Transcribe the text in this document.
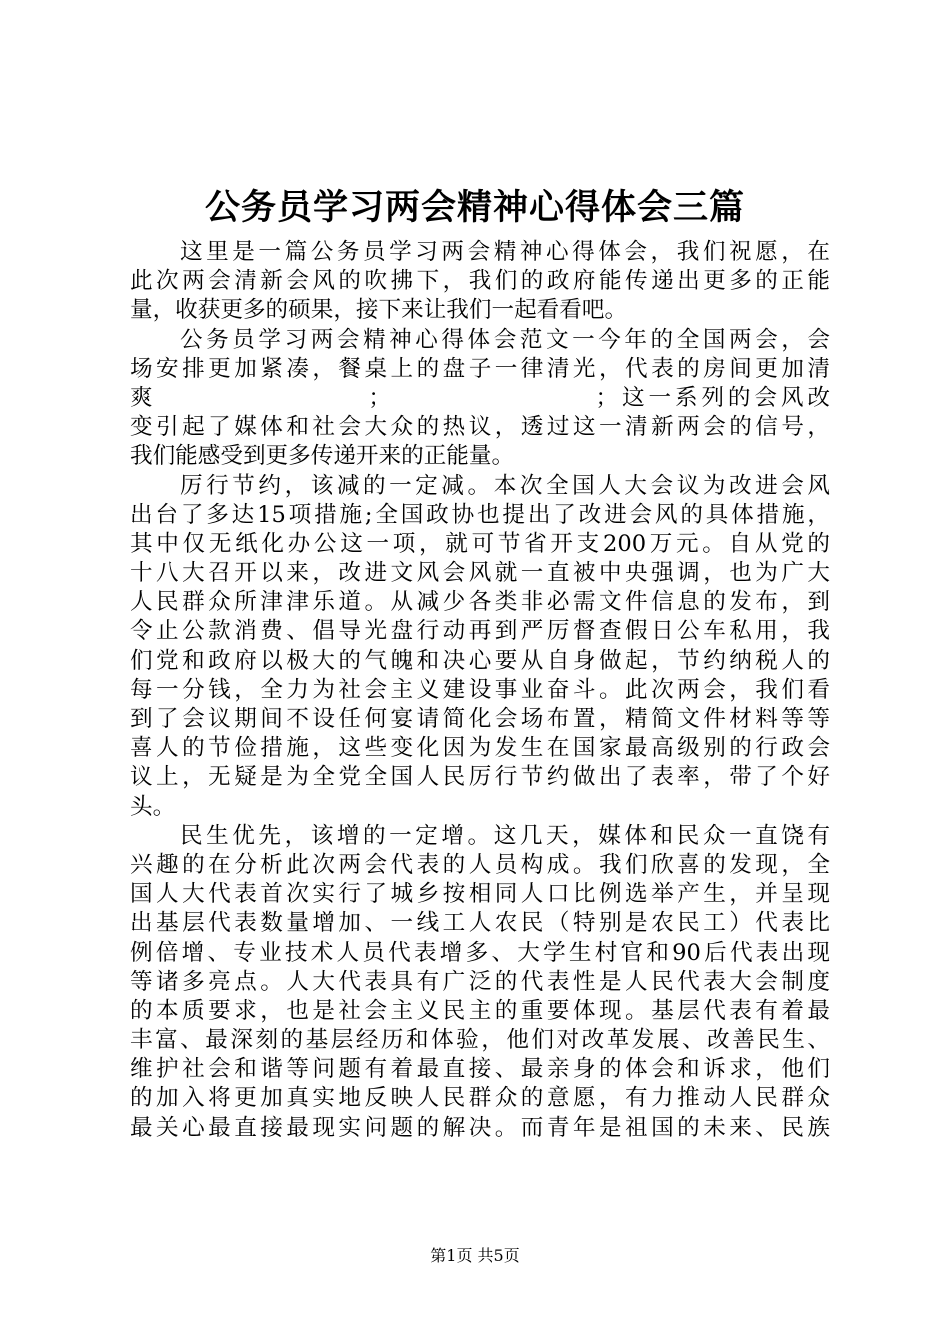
公务员学习两会精神心得体会三篇
这里是一篇公务员学习两会精神心得体会，我们祝愿，在
此次两会清新会风的吹拂下，我们的政府能传递出更多的正能
量，收获更多的硕果，接下来让我们一起看看吧。
公务员学习两会精神心得体会范文一今年的全国两会，会
场安排更加紧凑，餐桌上的盘子一律清光，代表的房间更加清
爽　　　　　　　　；　　　　　　　　；这一系列的会风改
变引起了媒体和社会大众的热议，透过这一清新两会的信号，
我们能感受到更多传递开来的正能量。
厉行节约，该减的一定减。本次全国人大会议为改进会风
出台了多达15项措施;全国政协也提出了改进会风的具体措施，
其中仅无纸化办公这一项，就可节省开支200万元。自从党的
十八大召开以来，改进文风会风就一直被中央强调，也为广大
人民群众所津津乐道。从减少各类非必需文件信息的发布，到
令止公款消费、倡导光盘行动再到严厉督查假日公车私用，我
们党和政府以极大的气魄和决心要从自身做起，节约纳税人的
每一分钱，全力为社会主义建设事业奋斗。此次两会，我们看
到了会议期间不设任何宴请简化会场布置，精简文件材料等等
喜人的节俭措施，这些变化因为发生在国家最高级别的行政会
议上，无疑是为全党全国人民厉行节约做出了表率，带了个好
头。
民生优先，该增的一定增。这几天，媒体和民众一直饶有
兴趣的在分析此次两会代表的人员构成。我们欣喜的发现，全
国人大代表首次实行了城乡按相同人口比例选举产生，并呈现
出基层代表数量增加、一线工人农民（特别是农民工）代表比
例倍增、专业技术人员代表增多、大学生村官和90后代表出现
等诸多亮点。人大代表具有广泛的代表性是人民代表大会制度
的本质要求，也是社会主义民主的重要体现。基层代表有着最
丰富、最深刻的基层经历和体验，他们对改革发展、改善民生、
维护社会和谐等问题有着最直接、最亲身的体会和诉求，他们
的加入将更加真实地反映人民群众的意愿，有力推动人民群众
最关心最直接最现实问题的解决。而青年是祖国的未来、民族
第1页 共5页
